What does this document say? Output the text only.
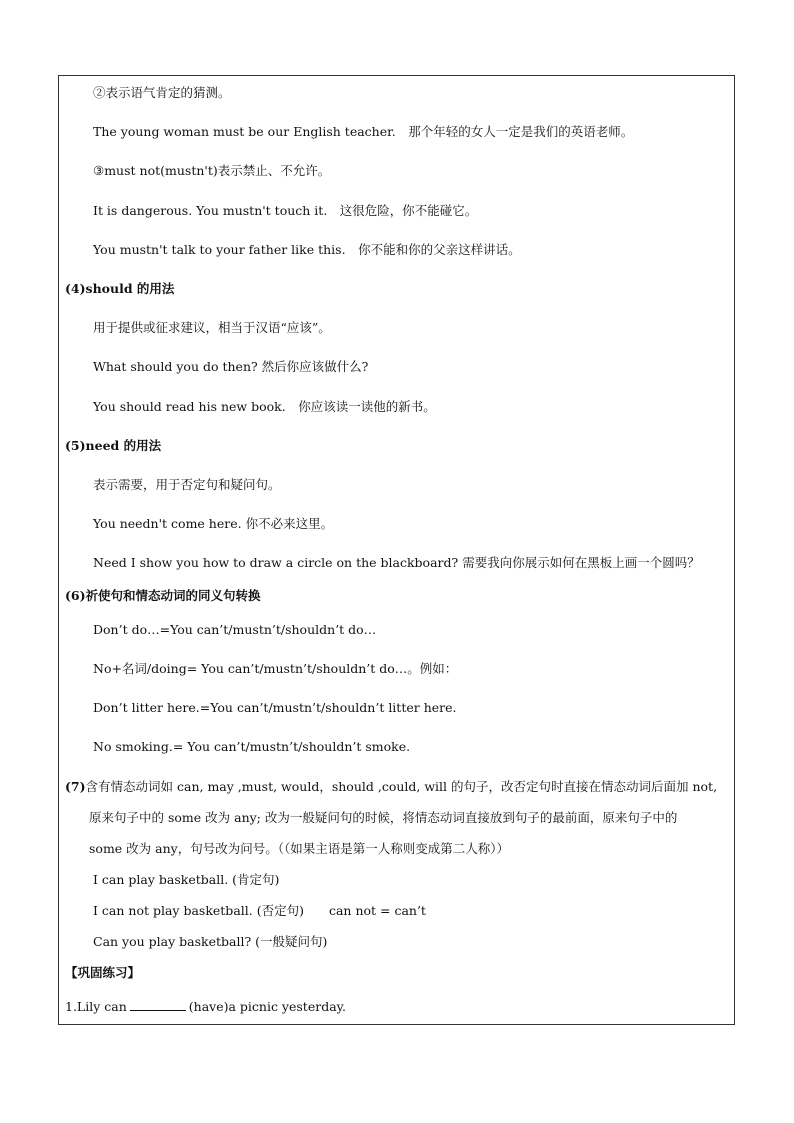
②表示语气肯定的猜测。
The young woman must be our English teacher.　那个年轻的女人一定是我们的英语老师。
③must not(mustn't)表示禁止、不允许。
It is dangerous. You mustn't touch it.　这很危险，你不能碰它。
You mustn't talk to your father like this.　你不能和你的父亲这样讲话。
(4)should 的用法
用于提供或征求建议，相当于汉语“应该”。
What should you do then? 然后你应该做什么?
You should read his new book.　你应该读一读他的新书。
(5)need 的用法
表示需要，用于否定句和疑问句。
You needn't come here. 你不必来这里。
Need I show you how to draw a circle on the blackboard? 需要我向你展示如何在黑板上画一个圆吗？
(6)祈使句和情态动词的同义句转换
Don’t do…=You can’t/mustn’t/shouldn’t do…
No+名词/doing= You can’t/mustn’t/shouldn’t do…。例如：
Don’t litter here.=You can’t/mustn’t/shouldn’t litter here.
No smoking.= You can’t/mustn’t/shouldn’t smoke.
(7)含有情态动词如 can, may ,must, would，should ,could, will 的句子，改否定句时直接在情态动词后面加 not,
原来句子中的 some 改为 any; 改为一般疑问句的时候，将情态动词直接放到句子的最前面，原来句子中的
some 改为 any，句号改为问号。（（如果主语是第一人称则变成第二人称））
I can play basketball. (肯定句)
I can not play basketball. (否定句)　　can not = can’t
Can you play basketball? (一般疑问句)
【巩固练习】
1.Lily can	(have)a picnic yesterday.
